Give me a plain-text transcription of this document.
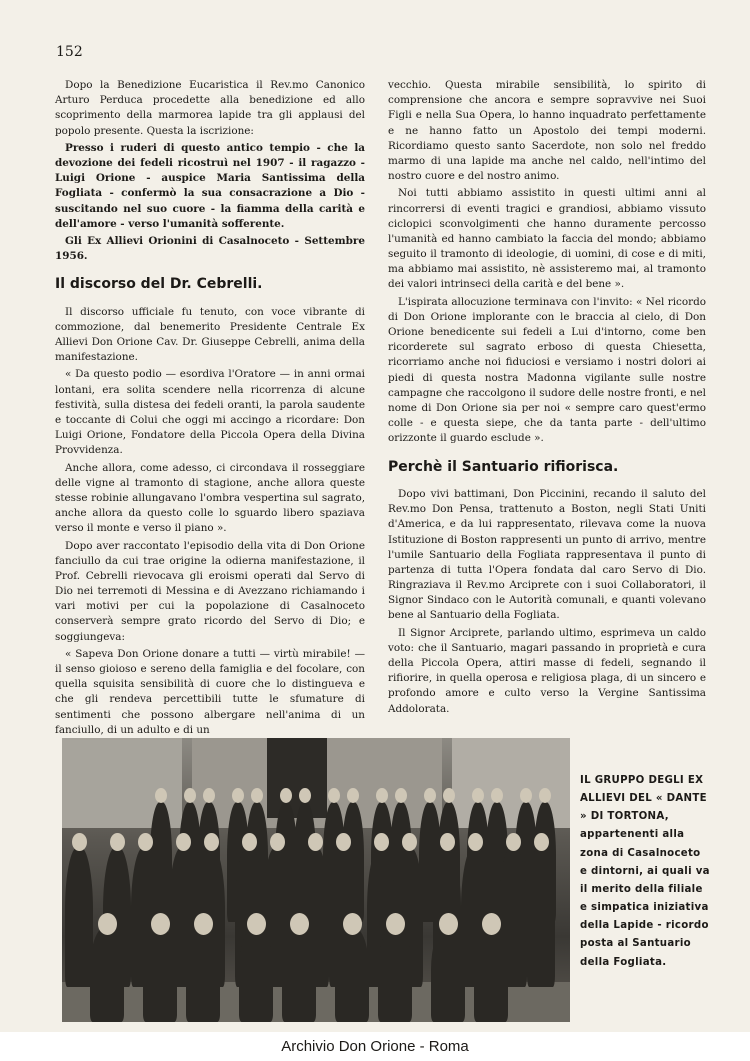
152

Dopo la Benedizione Eucaristica il Rev.mo Canonico Arturo Perduca procedette alla benedizione ed allo scoprimento della marmorea lapide tra gli applausi del popolo presente. Questa la iscrizione:

Presso i ruderi di questo antico tempio - che la devozione dei fedeli ricostruì nel 1907 - il ragazzo - Luigi Orione - auspice Maria Santissima della Fogliata - confermò la sua consacrazione a Dio - suscitando nel suo cuore - la fiamma della carità e dell'amore - verso l'umanità sofferente.

Gli Ex Allievi Orionini di Casalnoceto - Settembre 1956.

Il discorso del Dr. Cebrelli.

Il discorso ufficiale fu tenuto, con voce vibrante di commozione, dal benemerito Presidente Centrale Ex Allievi Don Orione Cav. Dr. Giuseppe Cebrelli, anima della manifestazione.

« Da questo podio — esordiva l'Oratore — in anni ormai lontani, era solita scendere nella ricorrenza di alcune festività, sulla distesa dei fedeli oranti, la parola saudente e toccante di Colui che oggi mi accingo a ricordare: Don Luigi Orione, Fondatore della Piccola Opera della Divina Provvidenza.

Anche allora, come adesso, ci circondava il rosseggiare delle vigne al tramonto di stagione, anche allora queste stesse robinie allungavano l'ombra vespertina sul sagrato, anche allora da questo colle lo sguardo libero spaziava verso il monte e verso il piano ».

Dopo aver raccontato l'episodio della vita di Don Orione fanciullo da cui trae origine la odierna manifestazione, il Prof. Cebrelli rievocava gli eroismi operati dal Servo di Dio nei terremoti di Messina e di Avezzano richiamando i vari motivi per cui la popolazione di Casalnoceto conserverà sempre grato ricordo del Servo di Dio; e soggiungeva:

« Sapeva Don Orione donare a tutti — virtù mirabile! — il senso gioioso e sereno della famiglia e del focolare, con quella squisita sensibilità di cuore che lo distingueva e che gli rendeva percettibili tutte le sfumature di sentimenti che possono albergare nell'anima di un fanciullo, di un adulto e di un

vecchio. Questa mirabile sensibilità, lo spirito di comprensione che ancora e sempre sopravvive nei Suoi Figli e nella Sua Opera, lo hanno inquadrato perfettamente e ne hanno fatto un Apostolo dei tempi moderni. Ricordiamo questo santo Sacerdote, non solo nel freddo marmo di una lapide ma anche nel caldo, nell'intimo del nostro cuore e del nostro animo.

Noi tutti abbiamo assistito in questi ultimi anni al rincorrersi di eventi tragici e grandiosi, abbiamo vissuto ciclopici sconvolgimenti che hanno duramente percosso l'umanità ed hanno cambiato la faccia del mondo; abbiamo seguito il tramonto di ideologie, di uomini, di cose e di miti, ma abbiamo mai assistito, nè assisteremo mai, al tramonto dei valori intrinseci della carità e del bene ».

L'ispirata allocuzione terminava con l'invito: « Nel ricordo di Don Orione implorante con le braccia al cielo, di Don Orione benedicente sui fedeli a Lui d'intorno, come ben ricorderete sul sagrato erboso di questa Chiesetta, ricorriamo anche noi fiduciosi e versiamo i nostri dolori ai piedi di questa nostra Madonna vigilante sulle nostre campagne che raccolgono il sudore delle nostre fronti, e nel nome di Don Orione sia per noi « sempre caro quest'ermo colle - e questa siepe, che da tanta parte - dell'ultimo orizzonte il guardo esclude ».

Perchè il Santuario rifiorisca.

Dopo vivi battimani, Don Piccinini, recando il saluto del Rev.mo Don Pensa, trattenuto a Boston, negli Stati Uniti d'America, e da lui rappresentato, rilevava come la nuova Istituzione di Boston rappresenti un punto di arrivo, mentre l'umile Santuario della Fogliata rappresentava il punto di partenza di tutta l'Opera fondata dal caro Servo di Dio. Ringraziava il Rev.mo Arciprete con i suoi Collaboratori, il Signor Sindaco con le Autorità comunali, e quanti volevano bene al Santuario della Fogliata.

Il Signor Arciprete, parlando ultimo, esprimeva un caldo voto: che il Santuario, magari passando in proprietà e cura della Piccola Opera, attiri masse di fedeli, segnando il rifiorire, in quella operosa e religiosa plaga, di un sincero e profondo amore e culto verso la Vergine Santissima Addolorata.

IL GRUPPO DEGLI EX ALLIEVI DEL « DANTE » DI TORTONA, appartenenti alla zona di Casalnoceto e dintorni, ai quali va il merito della filiale e simpatica iniziativa della Lapide - ricordo posta al Santuario della Fogliata.
Archivio Don Orione - Roma
